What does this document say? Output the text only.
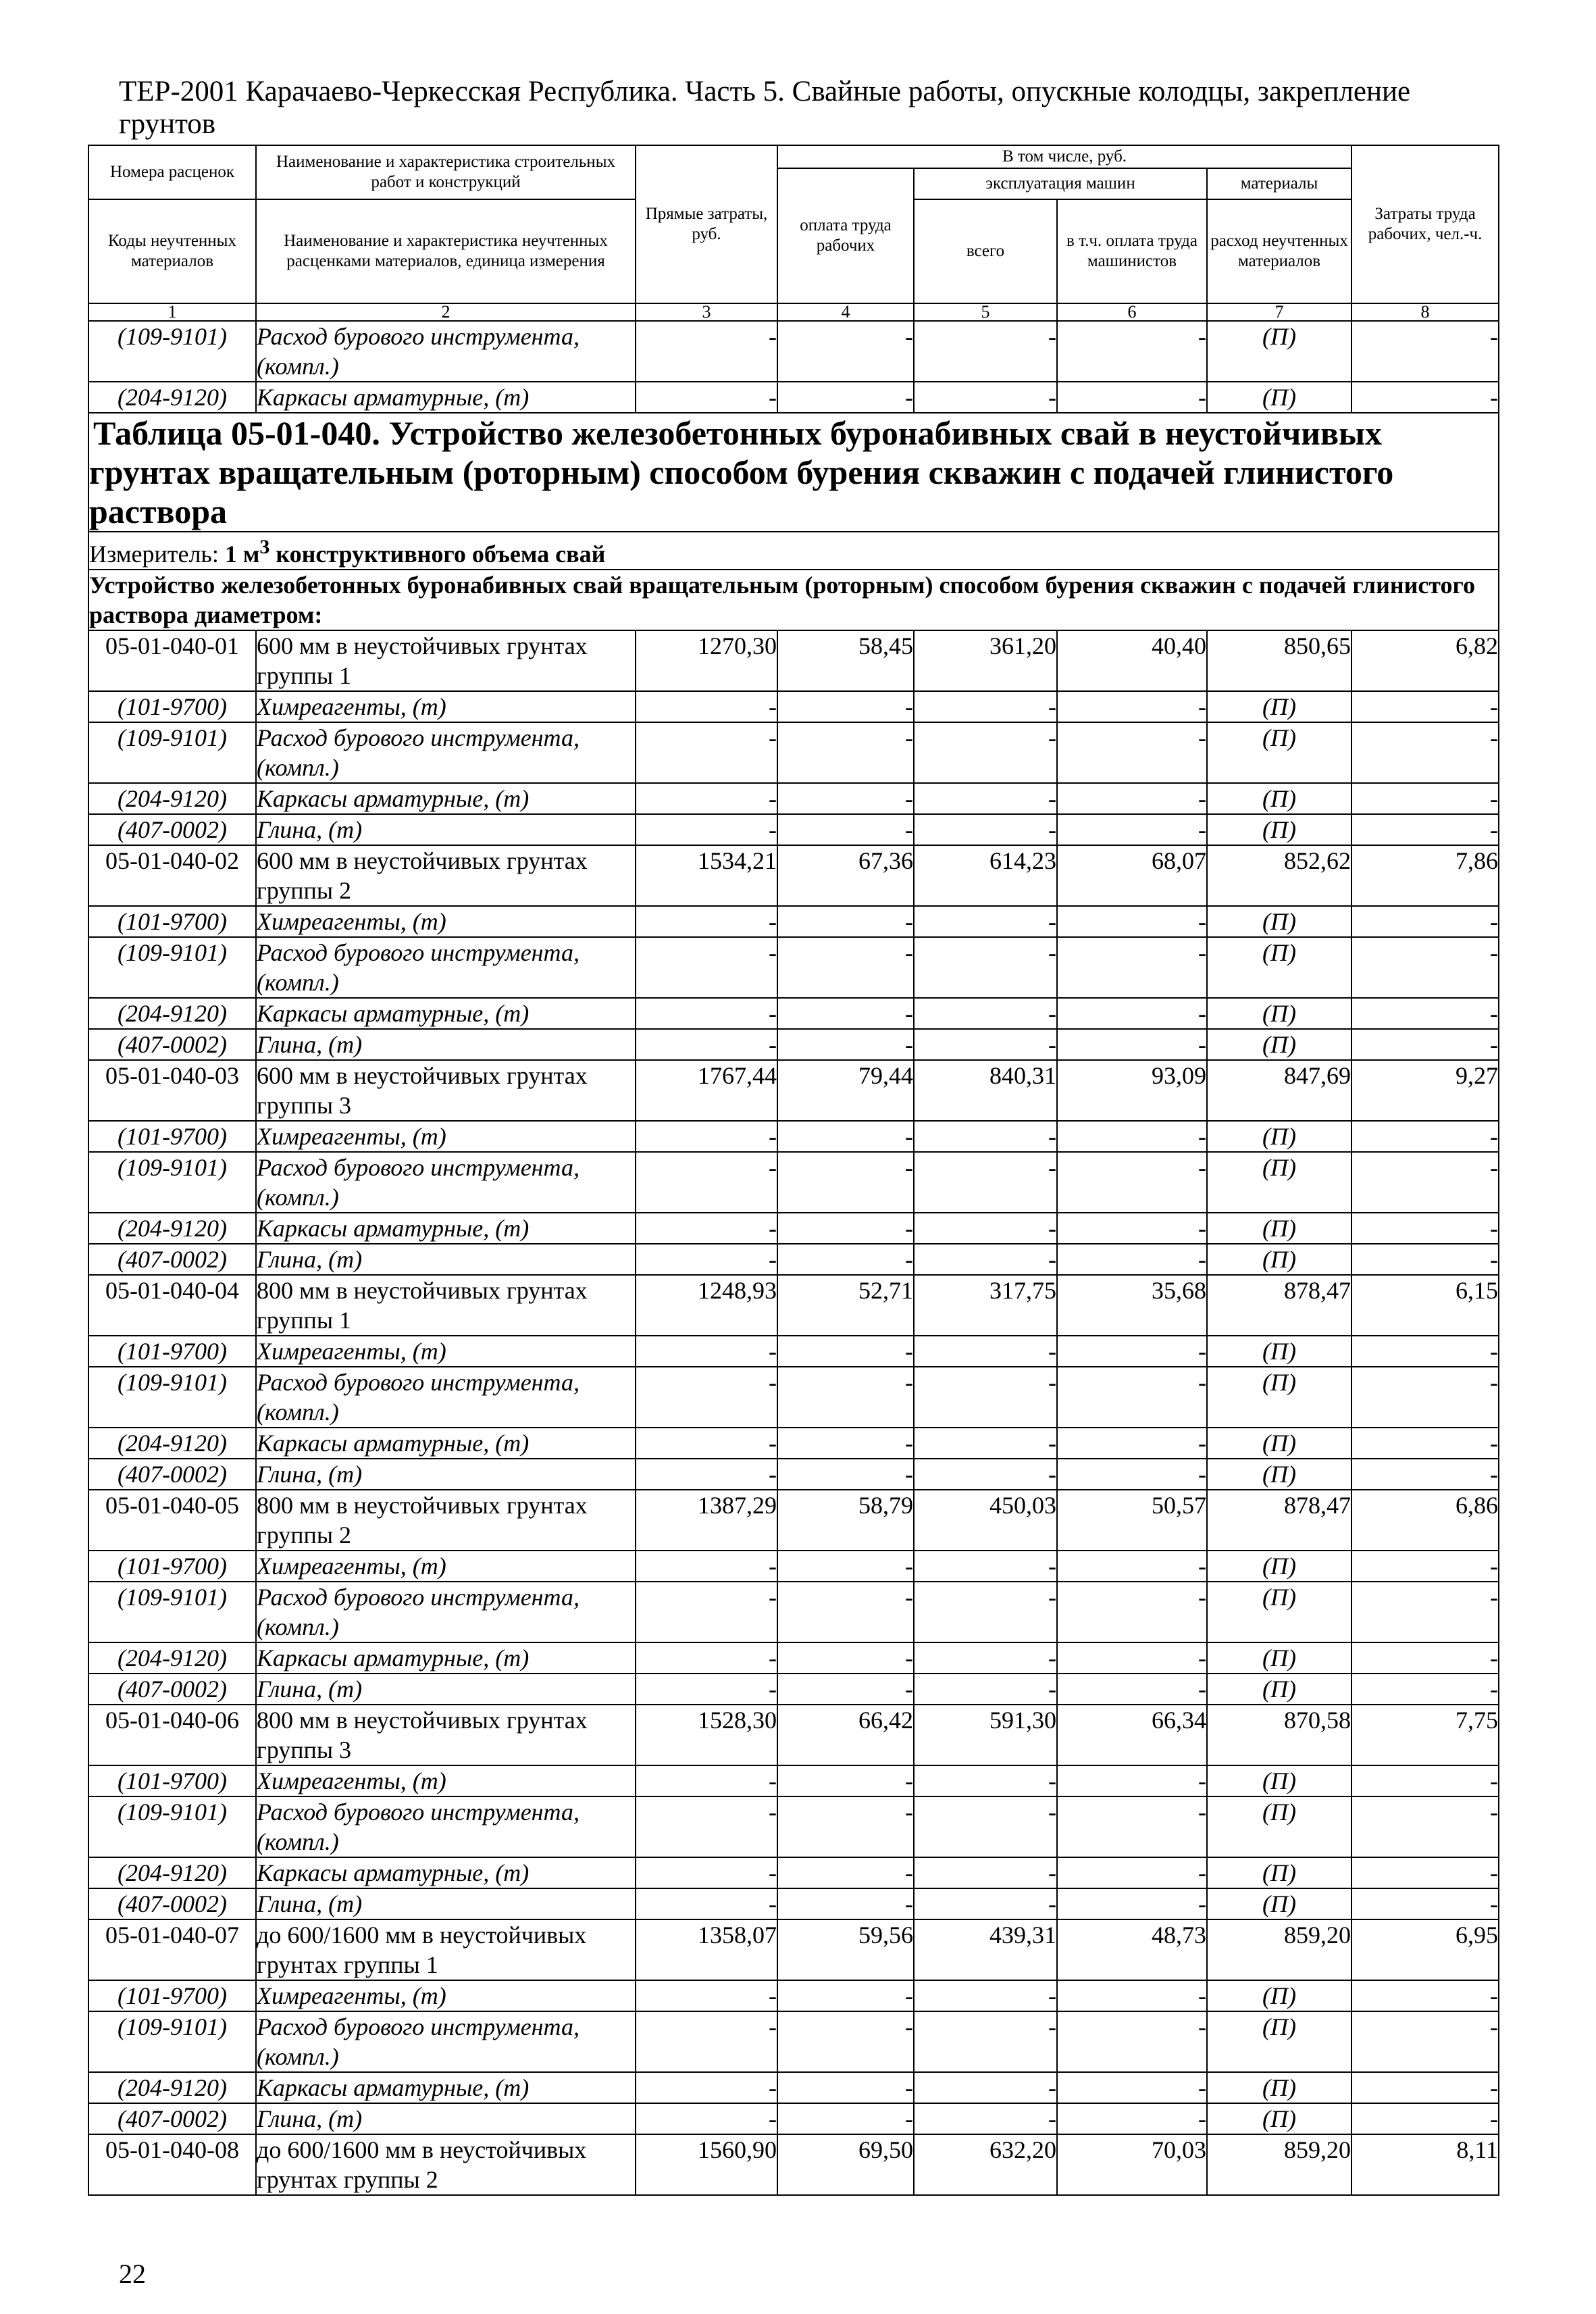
ТЕР-2001 Карачаево-Черкесская Республика. Часть 5. Свайные работы, опускные колодцы, закрепление грунтов
Номера расценок	Наименование и характеристика строительных работ и конструкций	Прямые затраты, руб.	В том числе, руб.				Затраты труда рабочих, чел.-ч.
			оплата труда рабочих	эксплуатация машин		материалы	
Коды неучтенных материалов	Наименование и характеристика неучтенных расценками материалов, единица измерения			всего	в т.ч. оплата труда машинистов	расход неучтенных материалов	

1	2	3	4	5	6	7	8
(109-9101)	Расход бурового инструмента, (компл.)	-	-	-	-	(П)	-
(204-9120)	Каркасы арматурные, (т)	-	-	-	-	(П)	-
Таблица 05-01-040. Устройство железобетонных буронабивных свай в неустойчивых грунтах вращательным (роторным) способом бурения скважин с подачей глинистого раствора							
Измеритель: 1 $м^3$ конструктивного объема свай							
Устройство железобетонных буронабивных свай вращательным (роторным) способом бурения скважин с подачей глинистого раствора диаметром:							
05-01-040-01	600 мм в неустойчивых грунтах группы 1	1270,30	58,45	361,20	40,40	850,65	6,82
(101-9700)	Химреагенты, (т)	-	-	-	-	(П)	-
(109-9101)	Расход бурового инструмента, (компл.)	-	-	-	-	(П)	-
(204-9120)	Каркасы арматурные, (т)	-	-	-	-	(П)	-
(407-0002)	Глина, (т)	-	-	-	-	(П)	-
05-01-040-02	600 мм в неустойчивых грунтах группы 2	1534,21	67,36	614,23	68,07	852,62	7,86
(101-9700)	Химреагенты, (т)	-	-	-	-	(П)	-
(109-9101)	Расход бурового инструмента, (компл.)	-	-	-	-	(П)	-
(204-9120)	Каркасы арматурные, (т)	-	-	-	-	(П)	-
(407-0002)	Глина, (т)	-	-	-	-	(П)	-
05-01-040-03	600 мм в неустойчивых грунтах группы 3	1767,44	79,44	840,31	93,09	847,69	9,27
(101-9700)	Химреагенты, (т)	-	-	-	-	(П)	-
(109-9101)	Расход бурового инструмента, (компл.)	-	-	-	-	(П)	-
(204-9120)	Каркасы арматурные, (т)	-	-	-	-	(П)	-
(407-0002)	Глина, (т)	-	-	-	-	(П)	-
05-01-040-04	800 мм в неустойчивых грунтах группы 1	1248,93	52,71	317,75	35,68	878,47	6,15
(101-9700)	Химреагенты, (т)	-	-	-	-	(П)	-
(109-9101)	Расход бурового инструмента, (компл.)	-	-	-	-	(П)	-
(204-9120)	Каркасы арматурные, (т)	-	-	-	-	(П)	-
(407-0002)	Глина, (т)	-	-	-	-	(П)	-
05-01-040-05	800 мм в неустойчивых грунтах группы 2	1387,29	58,79	450,03	50,57	878,47	6,86
(101-9700)	Химреагенты, (т)	-	-	-	-	(П)	-
(109-9101)	Расход бурового инструмента, (компл.)	-	-	-	-	(П)	-
(204-9120)	Каркасы арматурные, (т)	-	-	-	-	(П)	-
(407-0002)	Глина, (т)	-	-	-	-	(П)	-
05-01-040-06	800 мм в неустойчивых грунтах группы 3	1528,30	66,42	591,30	66,34	870,58	7,75
(101-9700)	Химреагенты, (т)	-	-	-	-	(П)	-
(109-9101)	Расход бурового инструмента, (компл.)	-	-	-	-	(П)	-
(204-9120)	Каркасы арматурные, (т)	-	-	-	-	(П)	-
(407-0002)	Глина, (т)	-	-	-	-	(П)	-
05-01-040-07	до 600/1600 мм в неустойчивых грунтах группы 1	1358,07	59,56	439,31	48,73	859,20	6,95
(101-9700)	Химреагенты, (т)	-	-	-	-	(П)	-
(109-9101)	Расход бурового инструмента, (компл.)	-	-	-	-	(П)	-
(204-9120)	Каркасы арматурные, (т)	-	-	-	-	(П)	-
(407-0002)	Глина, (т)	-	-	-	-	(П)	-
05-01-040-08	до 600/1600 мм в неустойчивых грунтах группы 2	1560,90	69,50	632,20	70,03	859,20	8,11
22
